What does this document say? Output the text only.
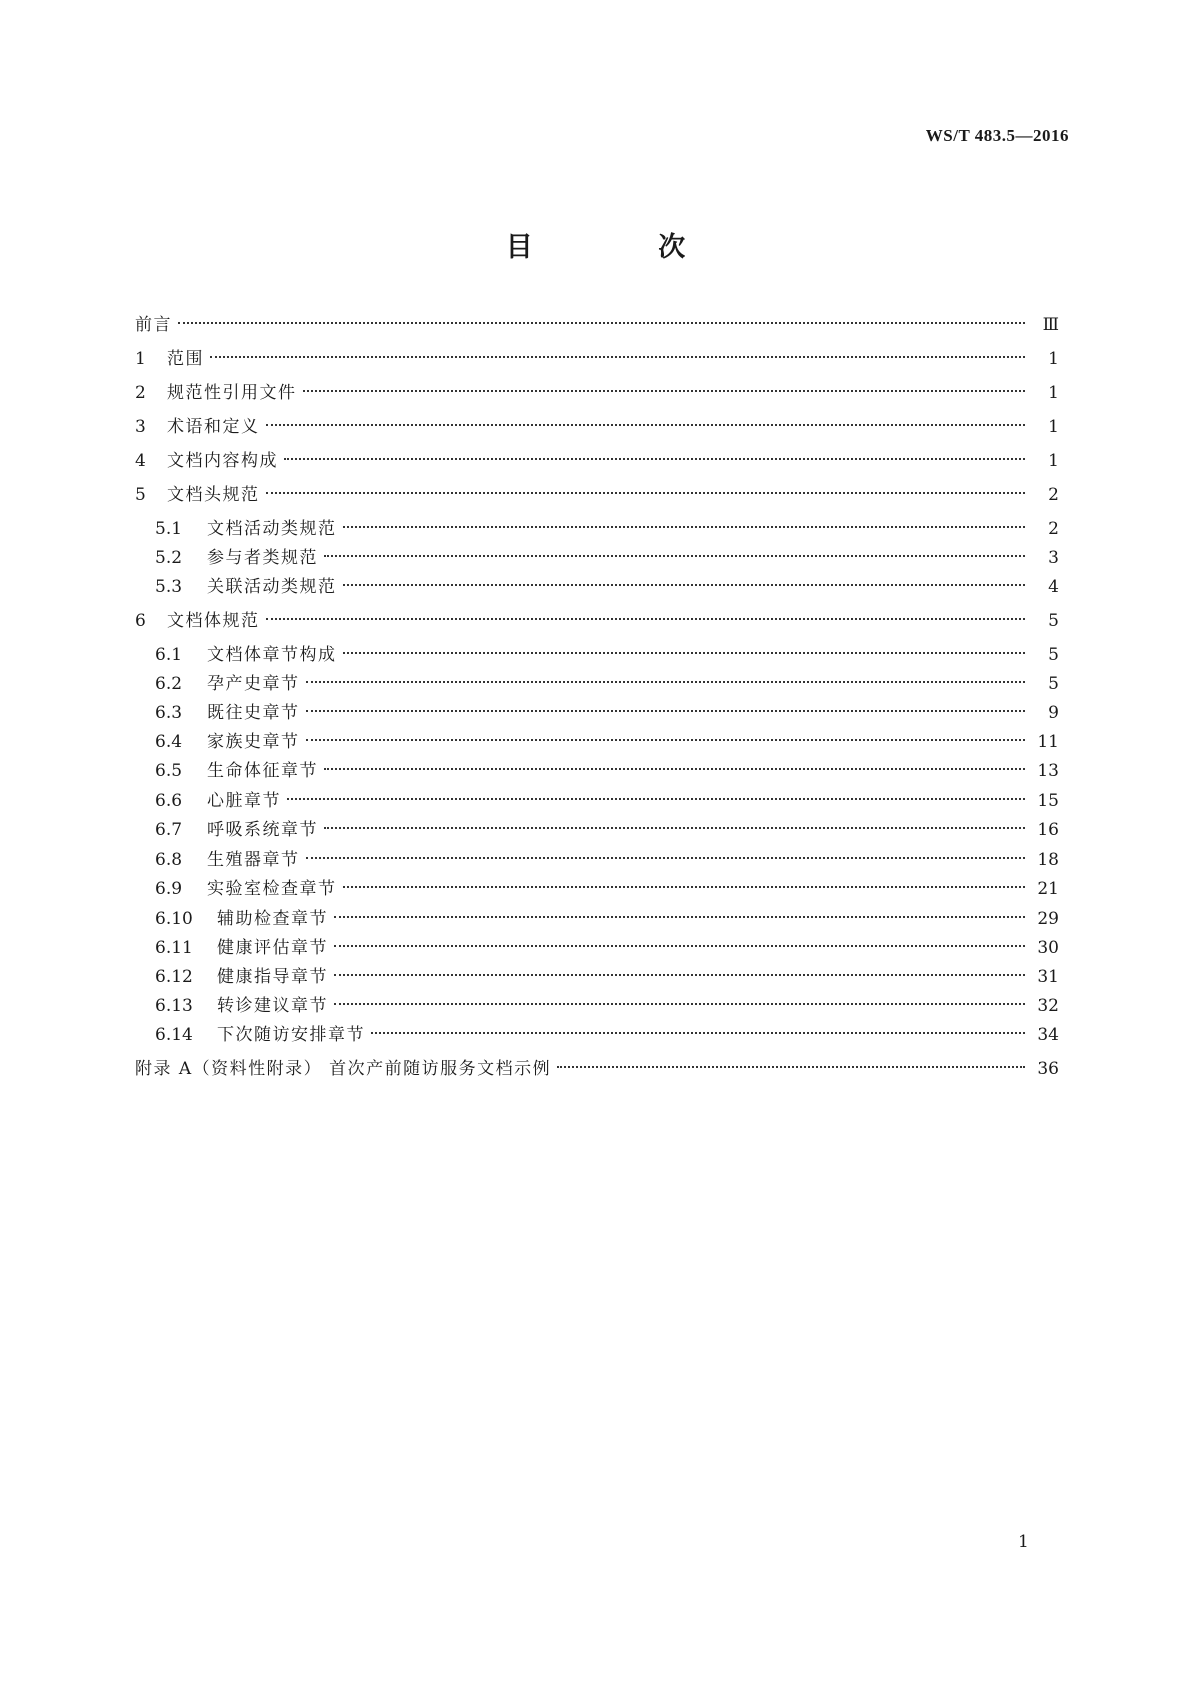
WS/T 483.5—2016
目 次
前言	Ⅲ
1	范围	1
2	规范性引用文件	1
3	术语和定义	1
4	文档内容构成	1
5	文档头规范	2
5.1	文档活动类规范	2
5.2	参与者类规范	3
5.3	关联活动类规范	4
6	文档体规范	5
6.1	文档体章节构成	5
6.2	孕产史章节	5
6.3	既往史章节	9
6.4	家族史章节	11
6.5	生命体征章节	13
6.6	心脏章节	15
6.7	呼吸系统章节	16
6.8	生殖器章节	18
6.9	实验室检查章节	21
6.10	辅助检查章节	29
6.11	健康评估章节	30
6.12	健康指导章节	31
6.13	转诊建议章节	32
6.14	下次随访安排章节	34
附录 A（资料性附录） 首次产前随访服务文档示例	36
1
